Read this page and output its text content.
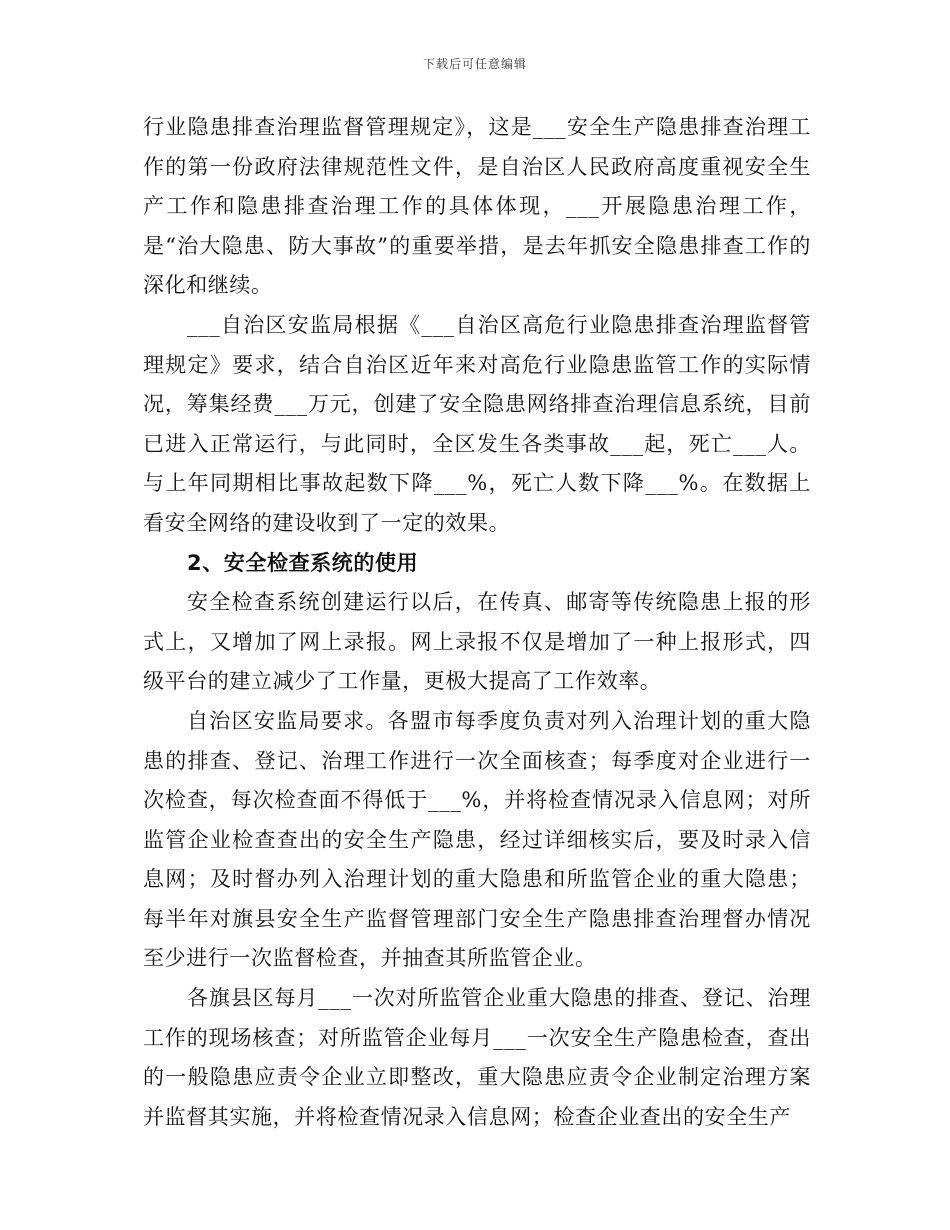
下载后可任意编辑

行业隐患排查治理监督管理规定》，这是___安全生产隐患排查治理工作的第一份政府法律规范性文件，是自治区人民政府高度重视安全生产工作和隐患排查治理工作的具体体现，___开展隐患治理工作，是“治大隐患、防大事故”的重要举措，是去年抓安全隐患排查工作的深化和继续。

___自治区安监局根据《___自治区高危行业隐患排查治理监督管理规定》要求，结合自治区近年来对高危行业隐患监管工作的实际情况，筹集经费___万元，创建了安全隐患网络排查治理信息系统，目前已进入正常运行，与此同时，全区发生各类事故___起，死亡___人。与上年同期相比事故起数下降___%，死亡人数下降___%。在数据上看安全网络的建设收到了一定的效果。

2、安全检查系统的使用

安全检查系统创建运行以后，在传真、邮寄等传统隐患上报的形式上，又增加了网上录报。网上录报不仅是增加了一种上报形式，四级平台的建立减少了工作量，更极大提高了工作效率。

自治区安监局要求。各盟市每季度负责对列入治理计划的重大隐患的排查、登记、治理工作进行一次全面核查；每季度对企业进行一次检查，每次检查面不得低于___%，并将检查情况录入信息网；对所监管企业检查查出的安全生产隐患，经过详细核实后，要及时录入信息网；及时督办列入治理计划的重大隐患和所监管企业的重大隐患；每半年对旗县安全生产监督管理部门安全生产隐患排查治理督办情况至少进行一次监督检查，并抽查其所监管企业。

各旗县区每月___一次对所监管企业重大隐患的排查、登记、治理工作的现场核查；对所监管企业每月___一次安全生产隐患检查，查出的一般隐患应责令企业立即整改，重大隐患应责令企业制定治理方案并监督其实施，并将检查情况录入信息网；检查企业查出的安全生产
